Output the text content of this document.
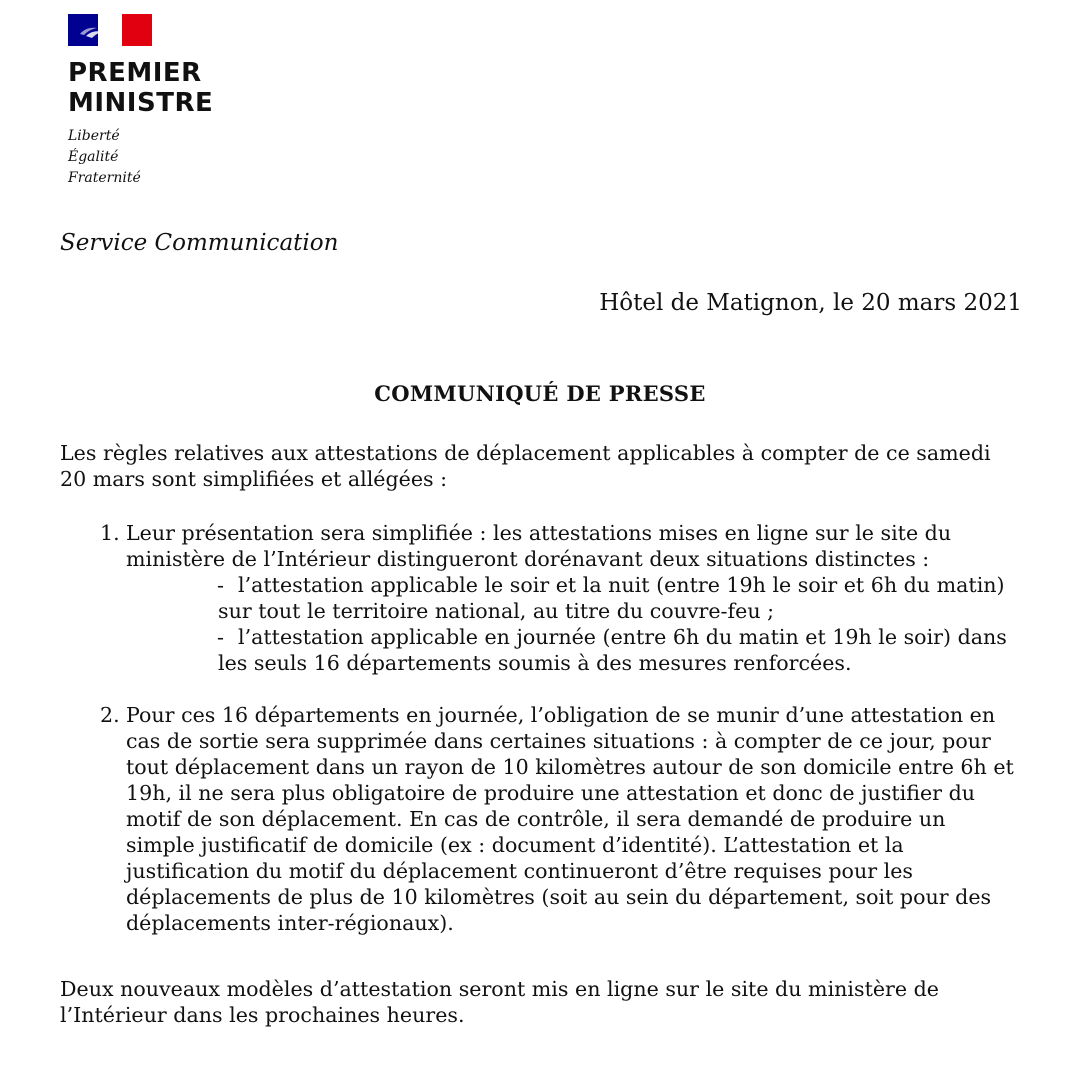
PREMIER
MINISTRE
Liberté
Égalité
Fraternité
Service Communication
Hôtel de Matignon, le 20 mars 2021
COMMUNIQUÉ DE PRESSE
Les règles relatives aux attestations de déplacement applicables à compter de ce samedi 20 mars sont simplifiées et allégées :
1. Leur présentation sera simplifiée : les attestations mises en ligne sur le site du ministère de l’Intérieur distingueront dorénavant deux situations distinctes :
- l’attestation applicable le soir et la nuit (entre 19h le soir et 6h du matin) sur tout le territoire national, au titre du couvre-feu ;
- l’attestation applicable en journée (entre 6h du matin et 19h le soir) dans les seuls 16 départements soumis à des mesures renforcées.
2. Pour ces 16 départements en journée, l’obligation de se munir d’une attestation en cas de sortie sera supprimée dans certaines situations : à compter de ce jour, pour tout déplacement dans un rayon de 10 kilomètres autour de son domicile entre 6h et 19h, il ne sera plus obligatoire de produire une attestation et donc de justifier du motif de son déplacement. En cas de contrôle, il sera demandé de produire un simple justificatif de domicile (ex : document d’identité). L’attestation et la justification du motif du déplacement continueront d’être requises pour les déplacements de plus de 10 kilomètres (soit au sein du département, soit pour des déplacements inter-régionaux).
Deux nouveaux modèles d’attestation seront mis en ligne sur le site du ministère de l’Intérieur dans les prochaines heures.
